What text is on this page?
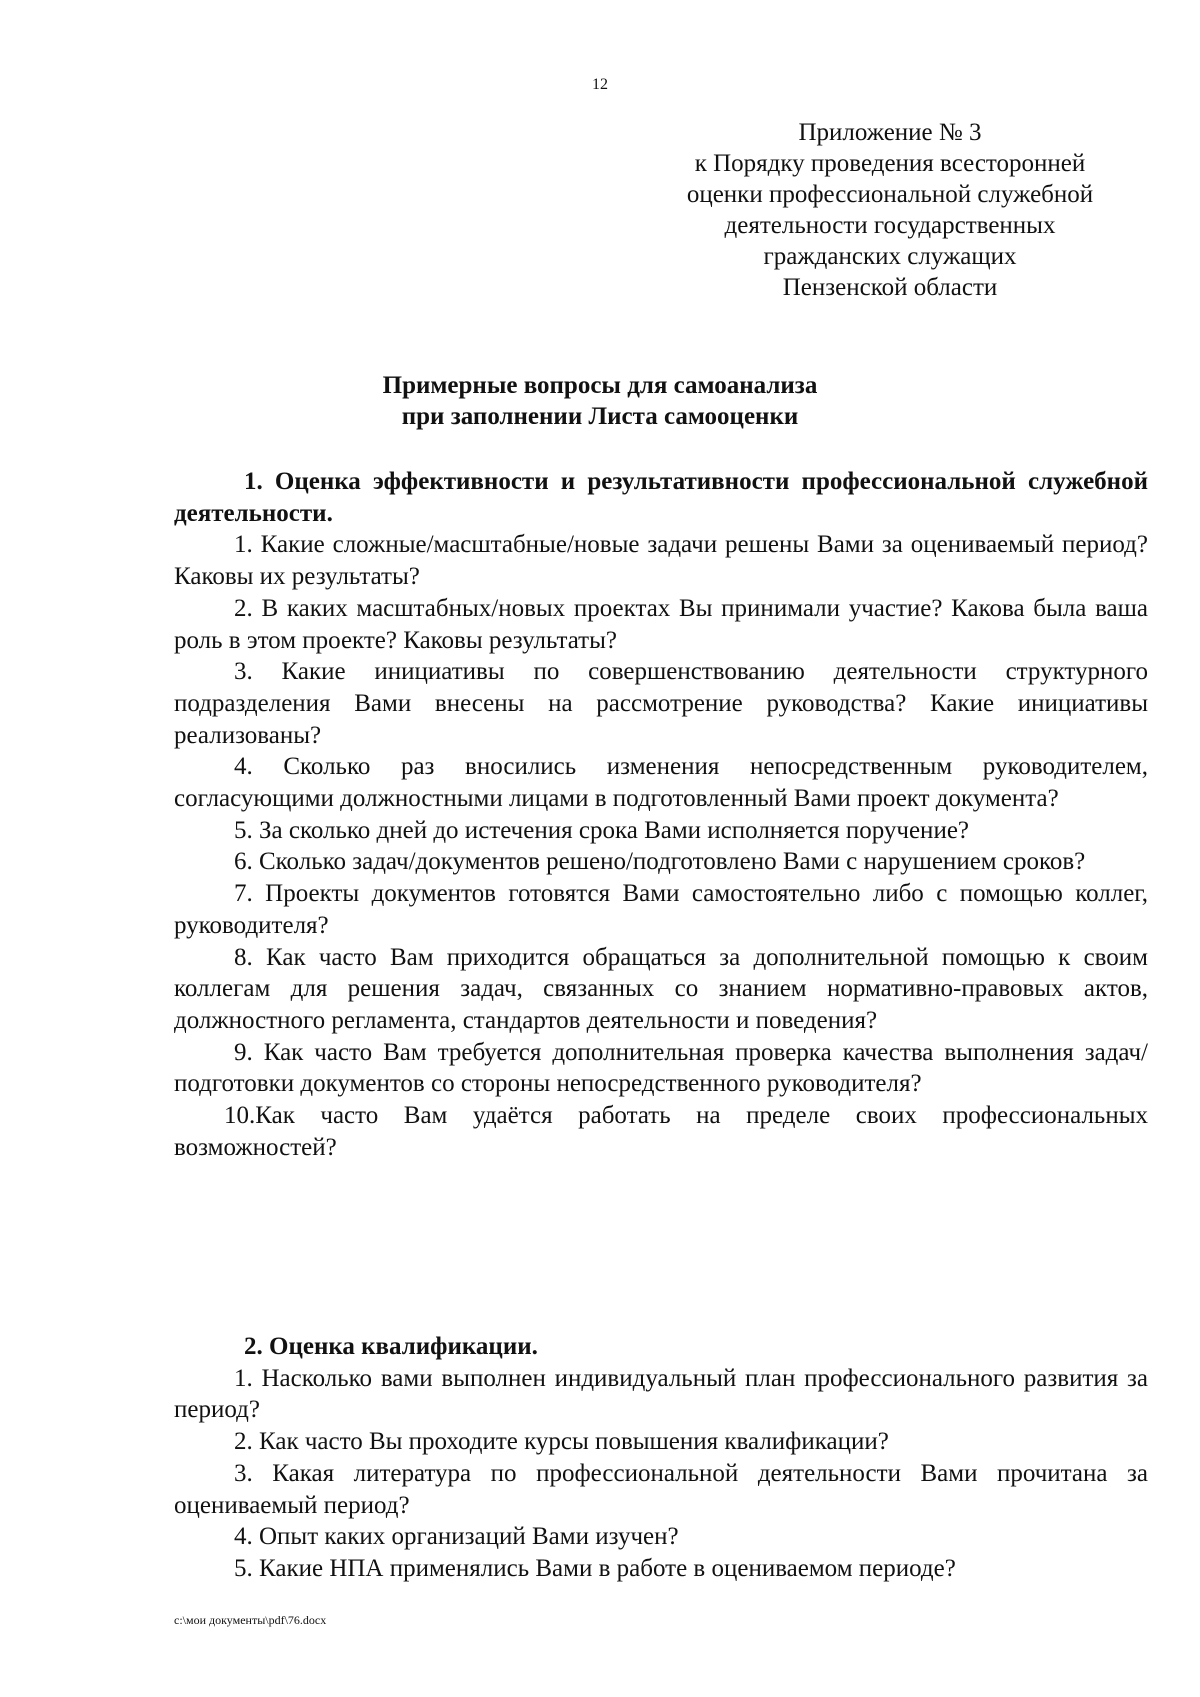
12
Приложение № 3
к Порядку проведения всесторонней
оценки профессиональной служебной
деятельности государственных
гражданских служащих
Пензенской области
Примерные вопросы для самоанализа
при заполнении Листа самооценки

1. Оценка эффективности и результативности профессиональной служебной деятельности.

1. Какие сложные/масштабные/новые задачи решены Вами за оцениваемый период? Каковы их результаты?

2. В каких масштабных/новых проектах Вы принимали участие? Какова была ваша роль в этом проекте? Каковы результаты?

3. Какие инициативы по совершенствованию деятельности структурного подразделения Вами внесены на рассмотрение руководства? Какие инициативы реализованы?

4. Сколько раз вносились изменения непосредственным руководителем, согласующими должностными лицами в подготовленный Вами проект документа?

5. За сколько дней до истечения срока Вами исполняется поручение?

6. Сколько задач/документов решено/подготовлено Вами с нарушением сроков?

7. Проекты документов готовятся Вами самостоятельно либо с помощью коллег, руководителя?

8. Как часто Вам приходится обращаться за дополнительной помощью к своим коллегам для решения задач, связанных со знанием нормативно-правовых актов, должностного регламента, стандартов деятельности и поведения?

9. Как часто Вам требуется дополнительная проверка качества выполнения задач/подготовки документов со стороны непосредственного руководителя?

10.Как часто Вам удаётся работать на пределе своих профессиональных возможностей?

2. Оценка квалификации.

1. Насколько вами выполнен индивидуальный план профессионального развития за период?

2. Как часто Вы проходите курсы повышения квалификации?

3. Какая литература по профессиональной деятельности Вами прочитана за оцениваемый период?

4. Опыт каких организаций Вами изучен?

5. Какие НПА применялись Вами в работе в оцениваемом периоде?

c:\мои документы\pdf\76.docx
